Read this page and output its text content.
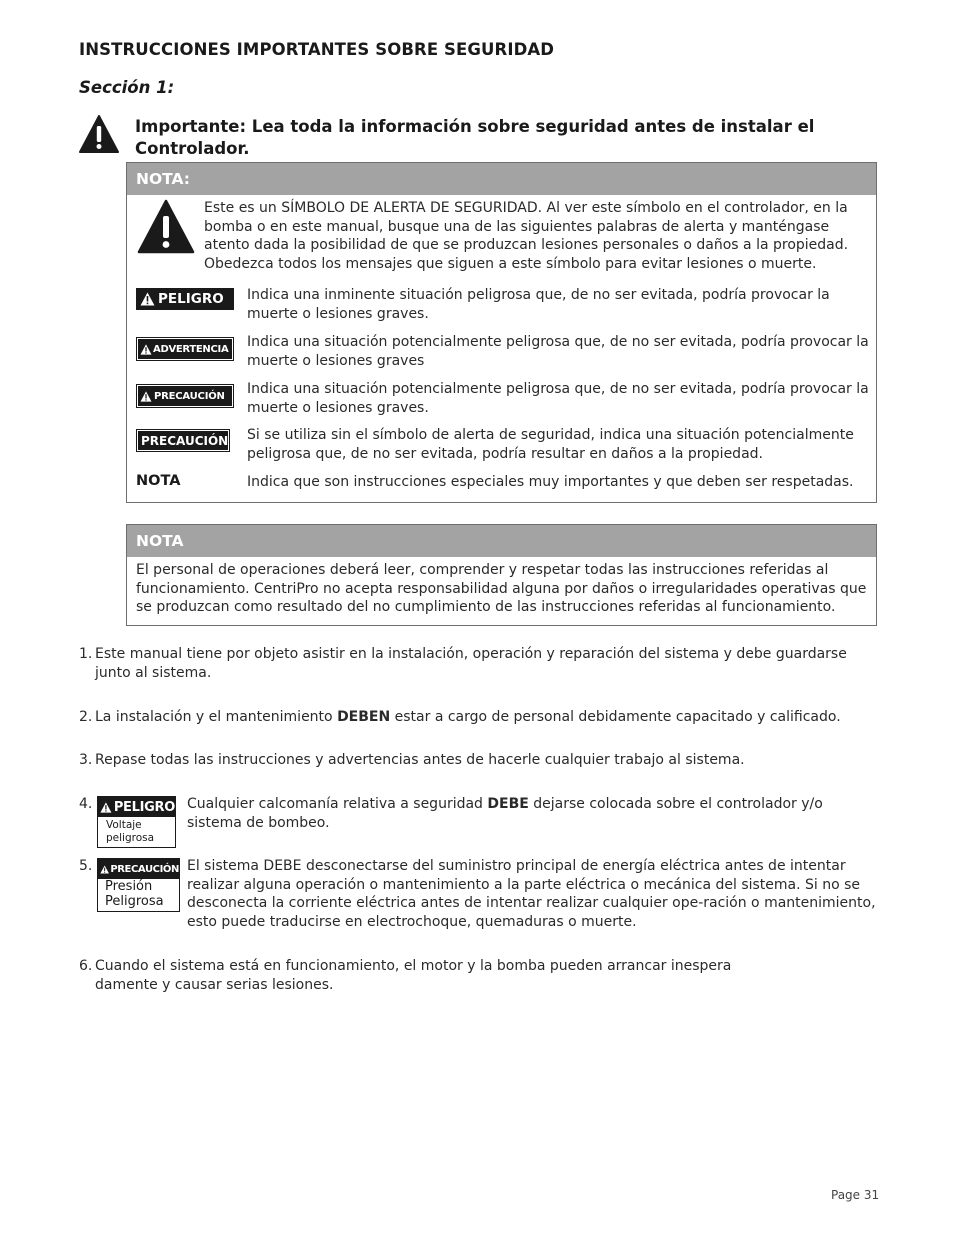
INSTRUCCIONES IMPORTANTES SOBRE SEGURIDAD
Sección 1:
Importante: Lea toda la información sobre seguridad antes de instalar el Controlador.
NOTA:
Este es un SÍMBOLO DE ALERTA DE SEGURIDAD. Al ver este símbolo en el controlador, en la bomba o en este manual, busque una de las siguientes palabras de alerta y manténgase atento dada la posibilidad de que se produzcan lesiones personales o daños a la propiedad. Obedezca todos los mensajes que siguen a este símbolo para evitar lesiones o muerte.
PELIGRO Indica una inminente situación peligrosa que, de no ser evitada, podría provocar la muerte o lesiones graves.
ADVERTENCIA Indica una situación potencialmente peligrosa que, de no ser evitada, podría provocar la muerte o lesiones graves
PRECAUCIÓN Indica una situación potencialmente peligrosa que, de no ser evitada, podría provocar la muerte o lesiones graves.
PRECAUCIÓN Si se utiliza sin el símbolo de alerta de seguridad, indica una situación potencialmente peligrosa que, de no ser evitada, podría resultar en daños a la propiedad.
NOTA	Indica que son instrucciones especiales muy importantes y que deben ser respetadas.
NOTA
El personal de operaciones deberá leer, comprender y respetar todas las instrucciones referidas al funcionamiento. CentriPro no acepta responsabilidad alguna por daños o irregularidades operativas que se produzcan como resultado del no cumplimiento de las instrucciones referidas al funcionamiento.
1. Este manual tiene por objeto asistir en la instalación, operación y reparación del sistema y debe guardarse junto al sistema.
2. La instalación y el mantenimiento DEBEN estar a cargo de personal debidamente capacitado y calificado.
3. Repase todas las instrucciones y advertencias antes de hacerle cualquier trabajo al sistema.
4. PELIGRO
Voltaje
peligrosa
Cualquier calcomanía relativa a seguridad DEBE dejarse colocada sobre el controlador y/o sistema de bombeo.
5. PRECAUCIÓN
Presión
Peligrosa
El sistema DEBE desconectarse del suministro principal de energía eléctrica antes de intentar realizar alguna operación o mantenimiento a la parte eléctrica o mecánica del sistema. Si no se desconecta la corriente eléctrica antes de intentar realizar cualquier ope-ración o mantenimiento, esto puede traducirse en electrochoque, quemaduras o muerte.
6. Cuando el sistema está en funcionamiento, el motor y la bomba pueden arrancar inespera
damente y causar serias lesiones.
Page 31
